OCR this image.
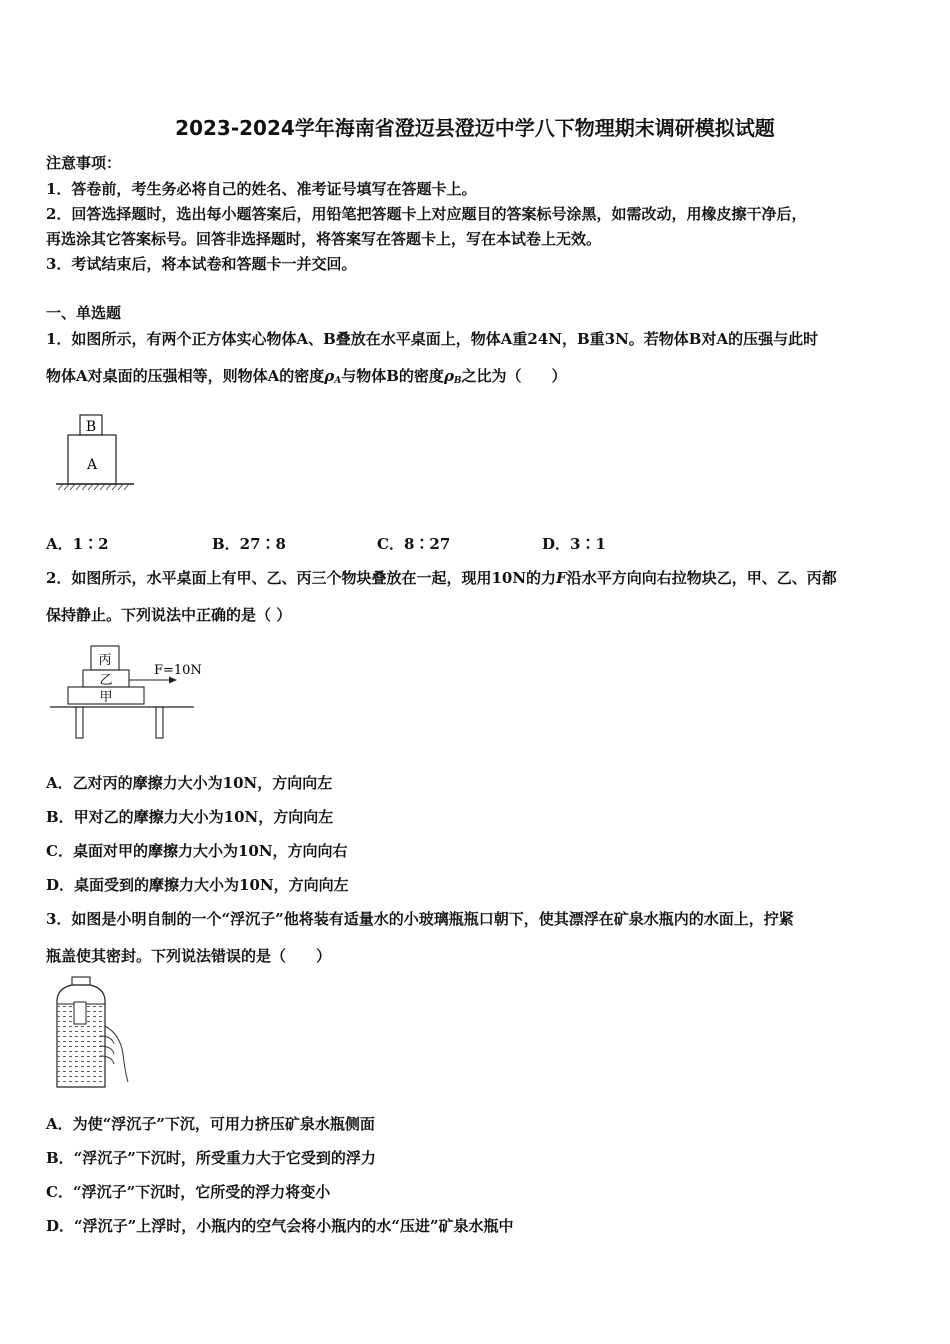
2023-2024学年海南省澄迈县澄迈中学八下物理期末调研模拟试题
注意事项：
1．答卷前，考生务必将自己的姓名、准考证号填写在答题卡上。
2．回答选择题时，选出每小题答案后，用铅笔把答题卡上对应题目的答案标号涂黑，如需改动，用橡皮擦干净后，
再选涂其它答案标号。回答非选择题时，将答案写在答题卡上，写在本试卷上无效。
3．考试结束后，将本试卷和答题卡一并交回。
一、单选题
1．如图所示，有两个正方体实心物体A、B叠放在水平桌面上，物体A重24N，B重3N。若物体B对A的压强与此时
物体A对桌面的压强相等，则物体A的密度$\rho_A$与物体B的密度$\rho_B$之比为（　　）
B
A
A．1∶2	B．27∶8	C．8∶27	D．3∶1
2．如图所示，水平桌面上有甲、乙、丙三个物块叠放在一起，现用10N的力F沿水平方向向右拉物块乙，甲、乙、丙都
保持静止。下列说法中正确的是（ ）
丙
乙
甲
F=10N
A．乙对丙的摩擦力大小为10N，方向向左
B．甲对乙的摩擦力大小为10N，方向向左
C．桌面对甲的摩擦力大小为10N，方向向右
D．桌面受到的摩擦力大小为10N，方向向左
3．如图是小明自制的一个“浮沉子”他将装有适量水的小玻璃瓶瓶口朝下，使其漂浮在矿泉水瓶内的水面上，拧紧
瓶盖使其密封。下列说法错误的是（　　）
A．为使“浮沉子”下沉，可用力挤压矿泉水瓶侧面
B．“浮沉子”下沉时，所受重力大于它受到的浮力
C．“浮沉子”下沉时，它所受的浮力将变小
D．“浮沉子”上浮时，小瓶内的空气会将小瓶内的水“压进”矿泉水瓶中
